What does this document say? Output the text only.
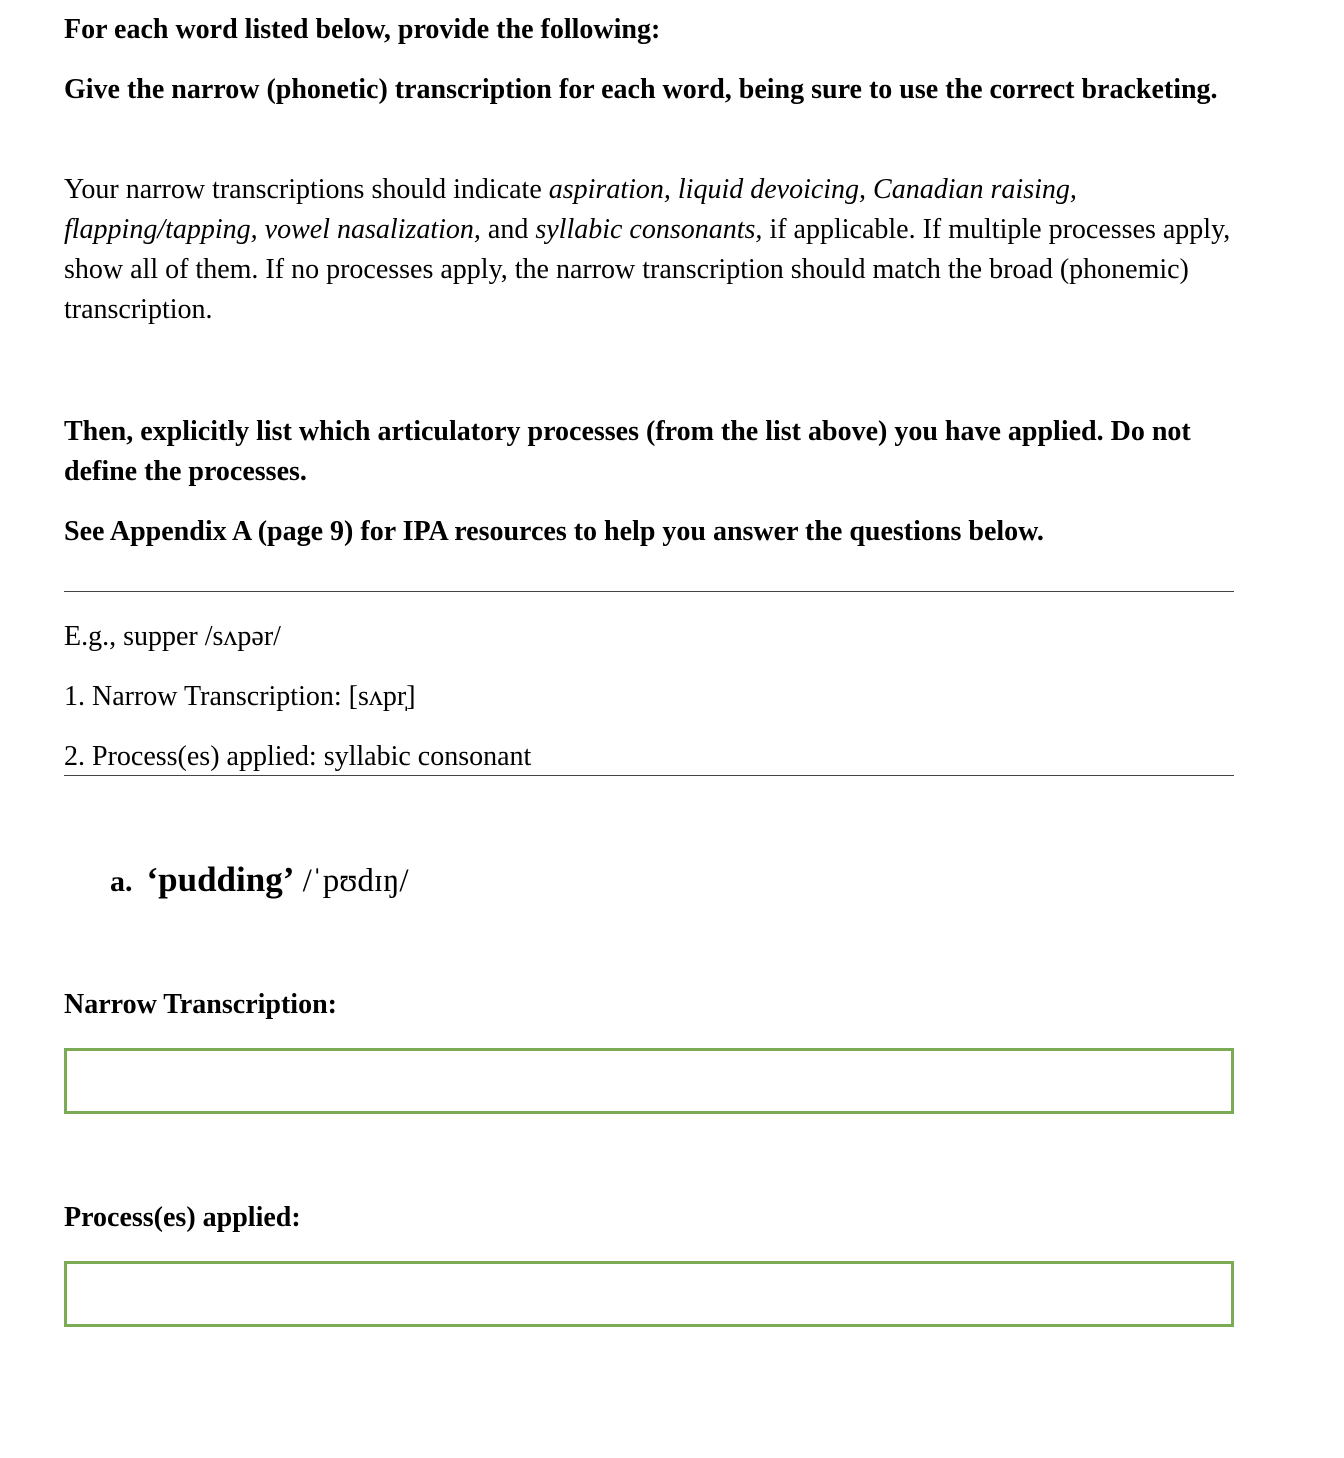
For each word listed below, provide the following:

Give the narrow (phonetic) transcription for each word, being sure to use the correct bracketing.

Your narrow transcriptions should indicate aspiration, liquid devoicing, Canadian raising, flapping/tapping, vowel nasalization, and syllabic consonants, if applicable. If multiple processes apply, show all of them. If no processes apply, the narrow transcription should match the broad (phonemic) transcription.

Then, explicitly list which articulatory processes (from the list above) you have applied. Do not define the processes.

See Appendix A (page 9) for IPA resources to help you answer the questions below.

E.g., supper /sʌpər/

1. Narrow Transcription: [sʌpr̩]

2. Process(es) applied: syllabic consonant

a. ‘pudding’ /ˈpʊdɪŋ/

Narrow Transcription:

Process(es) applied:
